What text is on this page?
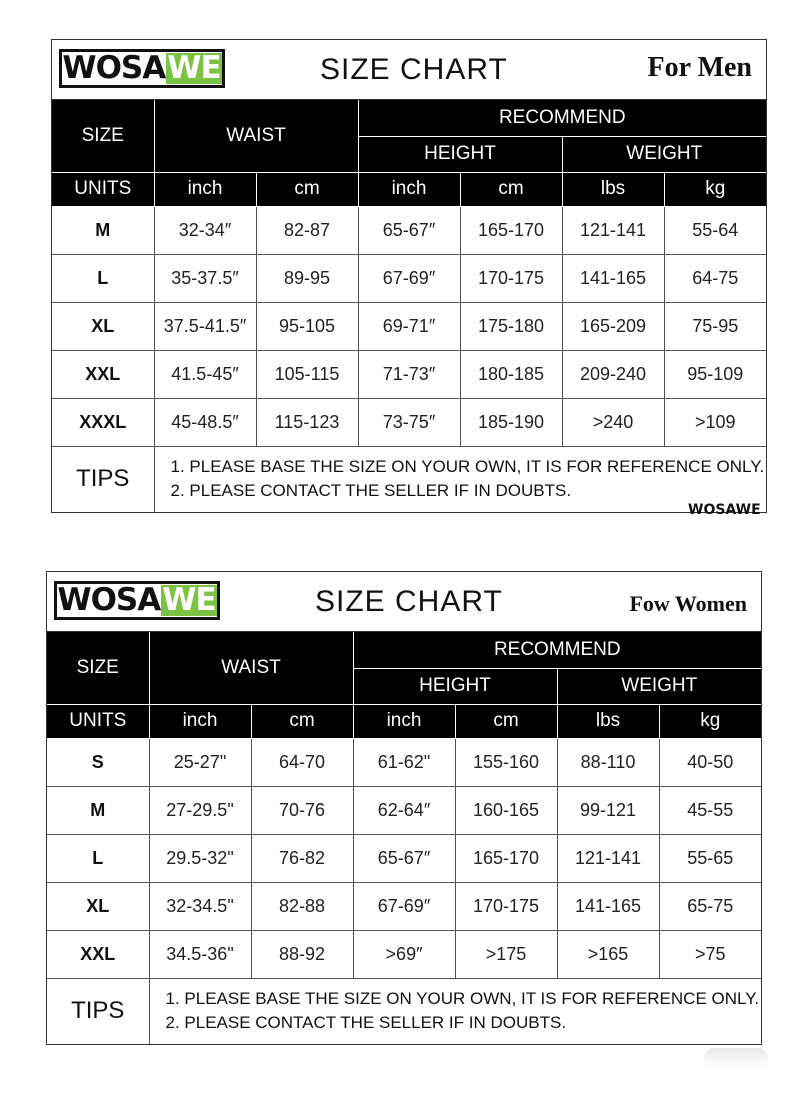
WOSA WE	SIZE CHART	For Men
SIZE	WAIST		RECOMMEND			
			HEIGHT		WEIGHT	
UNITS	inch	cm	inch	cm	lbs	kg
M	32-34″	82-87	65-67″	165-170	121-141	55-64
L	35-37.5″	89-95	67-69″	170-175	141-165	64-75
XL	37.5-41.5″	95-105	69-71″	175-180	165-209	75-95
XXL	41.5-45″	105-115	71-73″	180-185	209-240	95-109
XXXL	45-48.5″	115-123	73-75″	185-190	>240	>109
TIPS	1. PLEASE BASE THE SIZE ON YOUR OWN, IT IS FOR REFERENCE ONLY.
2. PLEASE CONTACT THE SELLER IF IN DOUBTS.					
WOSAWE
WOSA WE	SIZE CHART	Fow Women
SIZE	WAIST		RECOMMEND			
			HEIGHT		WEIGHT	
UNITS	inch	cm	inch	cm	lbs	kg
S	25-27"	64-70	61-62"	155-160	88-110	40-50
M	27-29.5"	70-76	62-64″	160-165	99-121	45-55
L	29.5-32"	76-82	65-67″	165-170	121-141	55-65
XL	32-34.5"	82-88	67-69″	170-175	141-165	65-75
XXL	34.5-36"	88-92	>69″	>175	>165	>75
TIPS	1. PLEASE BASE THE SIZE ON YOUR OWN, IT IS FOR REFERENCE ONLY.
2. PLEASE CONTACT THE SELLER IF IN DOUBTS.					
